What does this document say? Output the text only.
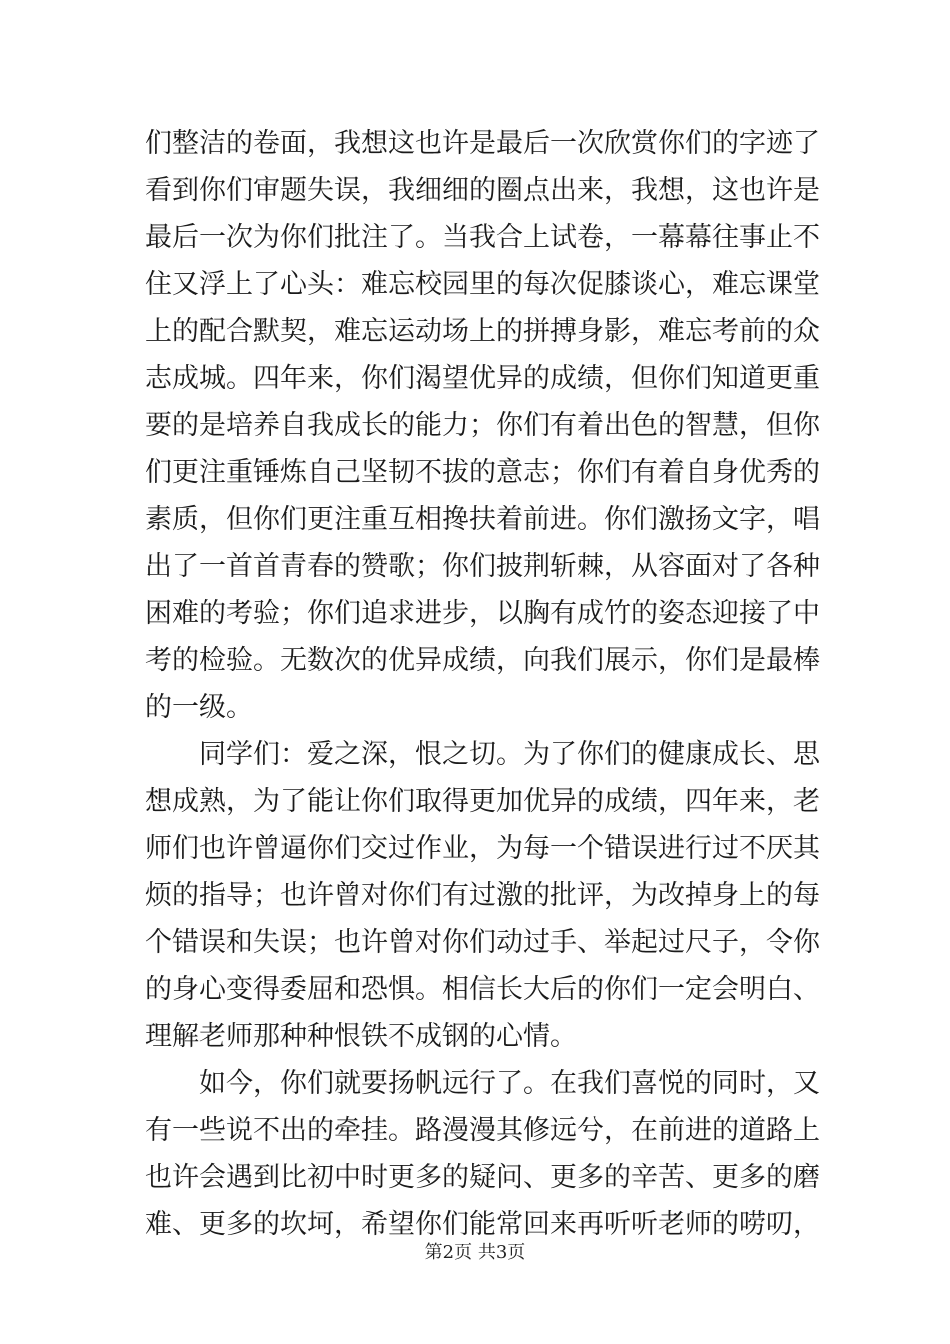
们整洁的卷面，我想这也许是最后一次欣赏你们的字迹了
看到你们审题失误，我细细的圈点出来，我想，这也许是
最后一次为你们批注了。当我合上试卷，一幕幕往事止不
住又浮上了心头：难忘校园里的每次促膝谈心，难忘课堂
上的配合默契，难忘运动场上的拼搏身影，难忘考前的众
志成城。四年来，你们渴望优异的成绩，但你们知道更重
要的是培养自我成长的能力；你们有着出色的智慧，但你
们更注重锤炼自己坚韧不拔的意志；你们有着自身优秀的
素质，但你们更注重互相搀扶着前进。你们激扬文字，唱
出了一首首青春的赞歌；你们披荆斩棘，从容面对了各种
困难的考验；你们追求进步，以胸有成竹的姿态迎接了中
考的检验。无数次的优异成绩，向我们展示，你们是最棒
的一级。
同学们：爱之深，恨之切。为了你们的健康成长、思
想成熟，为了能让你们取得更加优异的成绩，四年来，老
师们也许曾逼你们交过作业，为每一个错误进行过不厌其
烦的指导；也许曾对你们有过激的批评，为改掉身上的每
个错误和失误；也许曾对你们动过手、举起过尺子，令你
的身心变得委屈和恐惧。相信长大后的你们一定会明白、
理解老师那种种恨铁不成钢的心情。
如今，你们就要扬帆远行了。在我们喜悦的同时，又
有一些说不出的牵挂。路漫漫其修远兮，在前进的道路上
也许会遇到比初中时更多的疑问、更多的辛苦、更多的磨
难、更多的坎坷，希望你们能常回来再听听老师的唠叨，
第2页 共3页
